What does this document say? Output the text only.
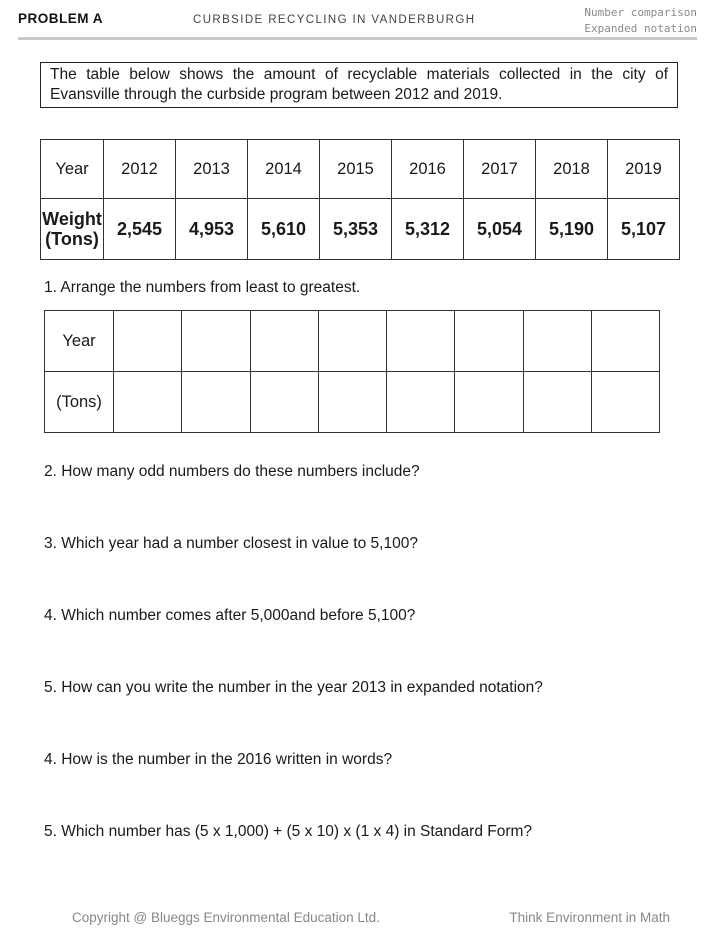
PROBLEM A	CURBSIDE RECYCLING IN VANDERBURGH
Number comparison
Expanded notation
The table below shows the amount of recyclable materials collected in the city of Evansville through the curbside program between 2012 and 2019.
Year	2012	2013	2014	2015	2016	2017	2018	2019
Weight
(Tons)	2,545	4,953	5,610	5,353	5,312	5,054	5,190	5,107
1. Arrange the numbers from least to greatest.
Year								
(Tons)								
2. How many odd numbers do these numbers include?
3. Which year had a number closest in value to 5,100?
4. Which number comes after 5,000and before 5,100?
5. How can you write the number in the year 2013 in expanded notation?
4. How is the number in the 2016 written in words?
5. Which number has (5 x 1,000) + (5 x 10) x (1 x 4) in Standard Form?
Copyright @ Blueggs Environmental Education Ltd.	Think Environment in Math
